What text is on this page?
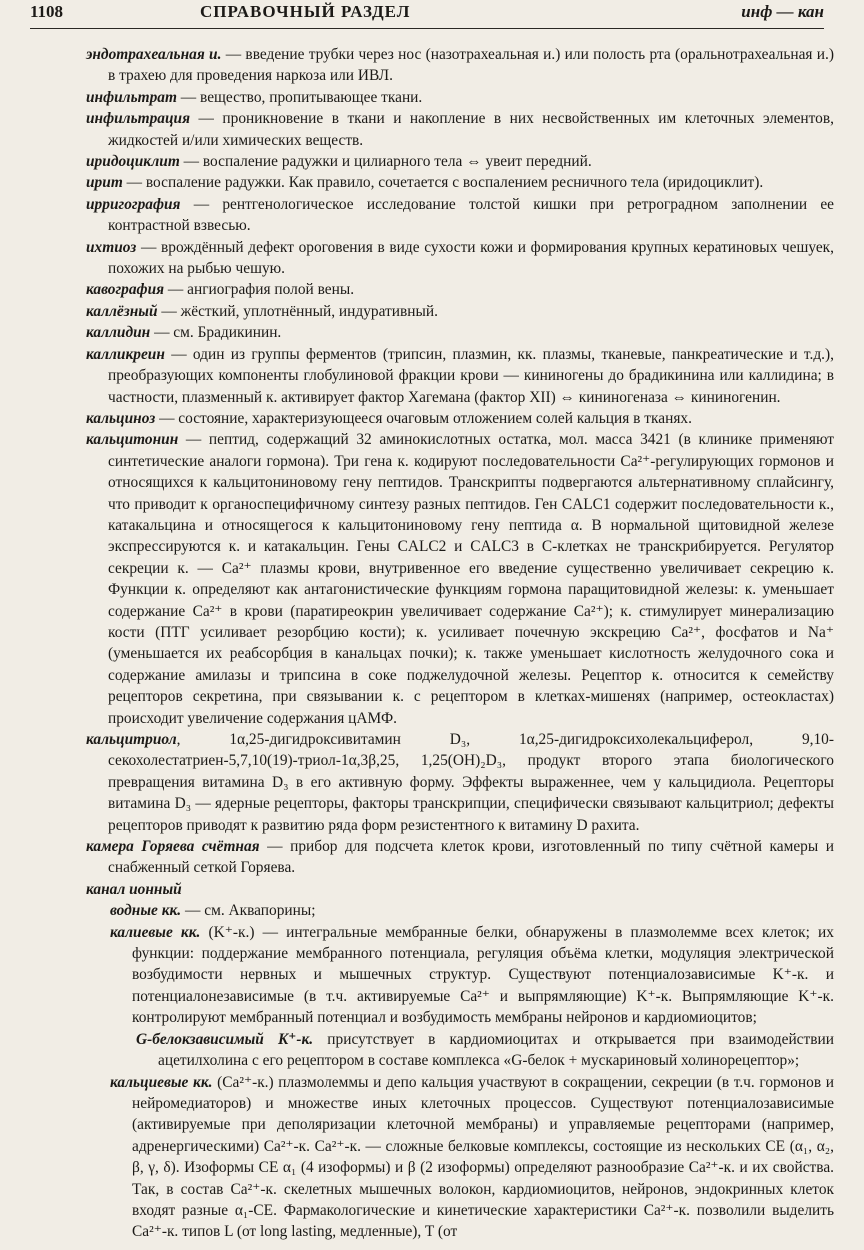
1108	СПРАВОЧНЫЙ РАЗДЕЛ	инф — кан

эндотрахеальная и. — введение трубки через нос (назотрахеальная и.) или полость рта (оральнотрахеальная и.) в трахею для проведения наркоза или ИВЛ.

инфильтрат — вещество, пропитывающее ткани.

инфильтрация — проникновение в ткани и накопление в них несвойственных им клеточных элементов, жидкостей и/или химических веществ.

иридоциклит — воспаление радужки и цилиарного тела ⇔ увеит передний.

ирит — воспаление радужки. Как правило, сочетается с воспалением ресничного тела (иридоциклит).

ирригография — рентгенологическое исследование толстой кишки при ретроградном заполнении ее контрастной взвесью.

ихтиоз — врождённый дефект ороговения в виде сухости кожи и формирования крупных кератиновых чешуек, похожих на рыбью чешую.

кавография — ангиография полой вены.

каллёзный — жёсткий, уплотнённый, индуративный.

каллидин — см. Брадикинин.

калликреин — один из группы ферментов (трипсин, плазмин, кк. плазмы, тканевые, панкреатические и т.д.), преобразующих компоненты глобулиновой фракции крови — кининогены до брадикинина или каллидина; в частности, плазменный к. активирует фактор Хагемана (фактор XII) ⇔ кининогеназа ⇔ кининогенин.

кальциноз — состояние, характеризующееся очаговым отложением солей кальция в тканях.

кальцитонин — пептид, содержащий 32 аминокислотных остатка, мол. масса 3421 (в клинике применяют синтетические аналоги гормона). Три гена к. кодируют последовательности Ca²⁺-регулирующих гормонов и относящихся к кальцитониновому гену пептидов. Транскрипты подвергаются альтернативному сплайсингу, что приводит к органоспецифичному синтезу разных пептидов. Ген CALC1 содержит последовательности к., катакальцина и относящегося к кальцитониновому гену пептида α. В нормальной щитовидной железе экспрессируются к. и катакальцин. Гены CALC2 и CALC3 в С-клетках не транскрибируется. Регулятор секреции к. — Ca²⁺ плазмы крови, внутривенное его введение существенно увеличивает секрецию к. Функции к. определяют как антагонистические функциям гормона паращитовидной железы: к. уменьшает содержание Ca²⁺ в крови (паратиреокрин увеличивает содержание Ca²⁺); к. стимулирует минерализацию кости (ПТГ усиливает резорбцию кости); к. усиливает почечную экскрецию Ca²⁺, фосфатов и Na⁺ (уменьшается их реабсорбция в канальцах почки); к. также уменьшает кислотность желудочного сока и содержание амилазы и трипсина в соке поджелудочной железы. Рецептор к. относится к семейству рецепторов секретина, при связывании к. с рецептором в клетках-мишенях (например, остеокластах) происходит увеличение содержания цАМФ.

кальцитриол, 1α,25-дигидроксивитамин D₃, 1α,25-дигидроксихолекальциферол, 9,10-секохолестатриен-5,7,10(19)-триол-1α,3β,25, 1,25(OH)₂D₃, продукт второго этапа биологического превращения витамина D₃ в его активную форму. Эффекты выраженнее, чем у кальцидиола. Рецепторы витамина D₃ — ядерные рецепторы, факторы транскрипции, специфически связывают кальцитриол; дефекты рецепторов приводят к развитию ряда форм резистентного к витамину D рахита.

камера Горяева счётная — прибор для подсчета клеток крови, изготовленный по типу счётной камеры и снабженный сеткой Горяева.

канал ионный

водные кк. — см. Аквапорины;

калиевые кк. (K⁺-к.) — интегральные мембранные белки, обнаружены в плазмолемме всех клеток; их функции: поддержание мембранного потенциала, регуляция объёма клетки, модуляция электрической возбудимости нервных и мышечных структур. Существуют потенциалозависимые K⁺-к. и потенциалонезависимые (в т.ч. активируемые Ca²⁺ и выпрямляющие) K⁺-к. Выпрямляющие K⁺-к. контролируют мембранный потенциал и возбудимость мембраны нейронов и кардиомиоцитов;

G-белокзависимый K⁺-к. присутствует в кардиомиоцитах и открывается при взаимодействии ацетилхолина с его рецептором в составе комплекса «G-белок + мускариновый холинорецептор»;

кальциевые кк. (Ca²⁺-к.) плазмолеммы и депо кальция участвуют в сокращении, секреции (в т.ч. гормонов и нейромедиаторов) и множестве иных клеточных процессов. Существуют потенциалозависимые (активируемые при деполяризации клеточной мембраны) и управляемые рецепторами (например, адренергическими) Ca²⁺-к. Ca²⁺-к. — сложные белковые комплексы, состоящие из нескольких СЕ (α₁, α₂, β, γ, δ). Изоформы СЕ α₁ (4 изоформы) и β (2 изоформы) определяют разнообразие Ca²⁺-к. и их свойства. Так, в состав Ca²⁺-к. скелетных мышечных волокон, кардиомиоцитов, нейронов, эндокринных клеток входят разные α₁-СЕ. Фармакологические и кинетические характеристики Ca²⁺-к. позволили выделить Ca²⁺-к. типов L (от long lasting, медленные), T (от
